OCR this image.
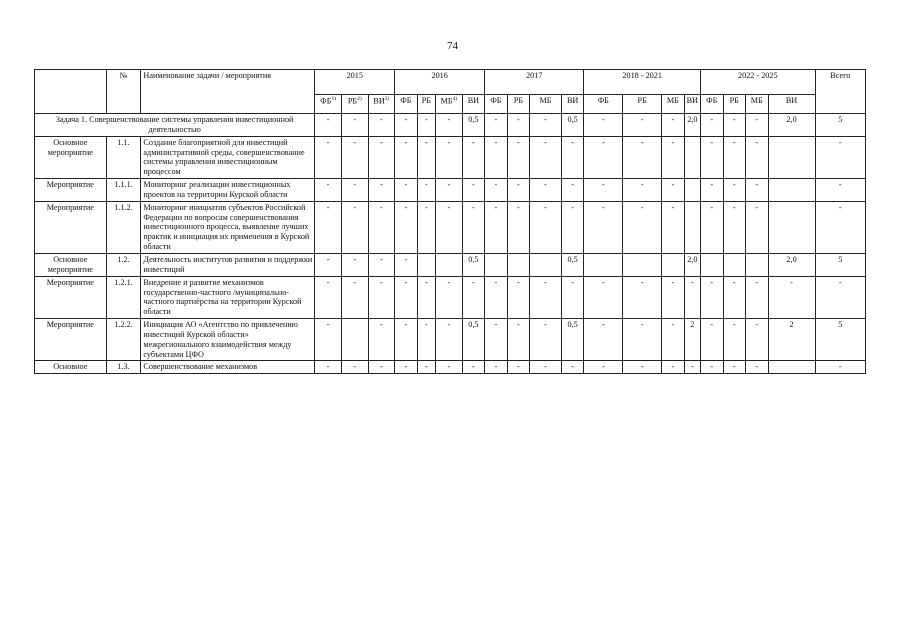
74
	№	Наименование задачи / мероприятия	2015			2016				2017				2018 - 2021				2022 - 2025				Всего
			ФБ$^{1)}$	РБ$^{2)}$	ВИ$^{3)}$	ФБ	РБ	МБ$^{4)}$	ВИ	ФБ	РБ	МБ	ВИ	ФБ	РБ	МБ	ВИ	ФБ	РБ	МБ	ВИ	
Задача 1. Совершенствование системы управления инвестиционной деятельностью			-	-	-	-	-	-	0,5	-	-	-	0,5	-	-	-	2,0	-	-	-	2,0	5
Основное мероприятие	1.1.	Создание благоприятной для инвестиций административной среды, совершенствование системы управления инвестиционным процессом	-	-	-	-	-	-	-	-	-	-	-	-	-	-		-	-	-		-
Мероприятие	1.1.1.	Мониторинг реализации инвестиционных проектов на территории Курской области	-	-	-	-	-	-	-	-	-	-	-	-	-	-		-	-	-		-
Мероприятие	1.1.2.	Мониторинг инициатив субъектов Российской Федерации по вопросам совершенствования инвестиционного процесса, выявление лучших практик и инициация их применения в Курской области	-	-	-	-	-	-	-	-	-	-	-	-	-	-		-	-	-		-
Основное мероприятие	1.2.	Деятельность институтов развития и поддержки инвестиций	-	-	-	-			0,5				0,5				2,0				2,0	5
Мероприятие	1.2.1.	Внедрение и развитие механизмов государственно-частного /муниципально-частного партнёрства на территории Курской области	-	-	-	-	-	-	-	-	-	-	-	-	-	-	-	-	-	-	-	-
Мероприятие	1.2.2.	Инициация АО «Агентство по привлечению инвестиций Курской области» межрегионального взаимодействия между субъектами ЦФО	-		-	-	-	-	0,5	-	-	-	0,5	-	-	-	2	-	-	-	2	5
Основное	1.3.	Совершенствование механизмов	-	-	-	-	-	-	-	-	-	-	-	-	-	-	-	-	-	-		-
